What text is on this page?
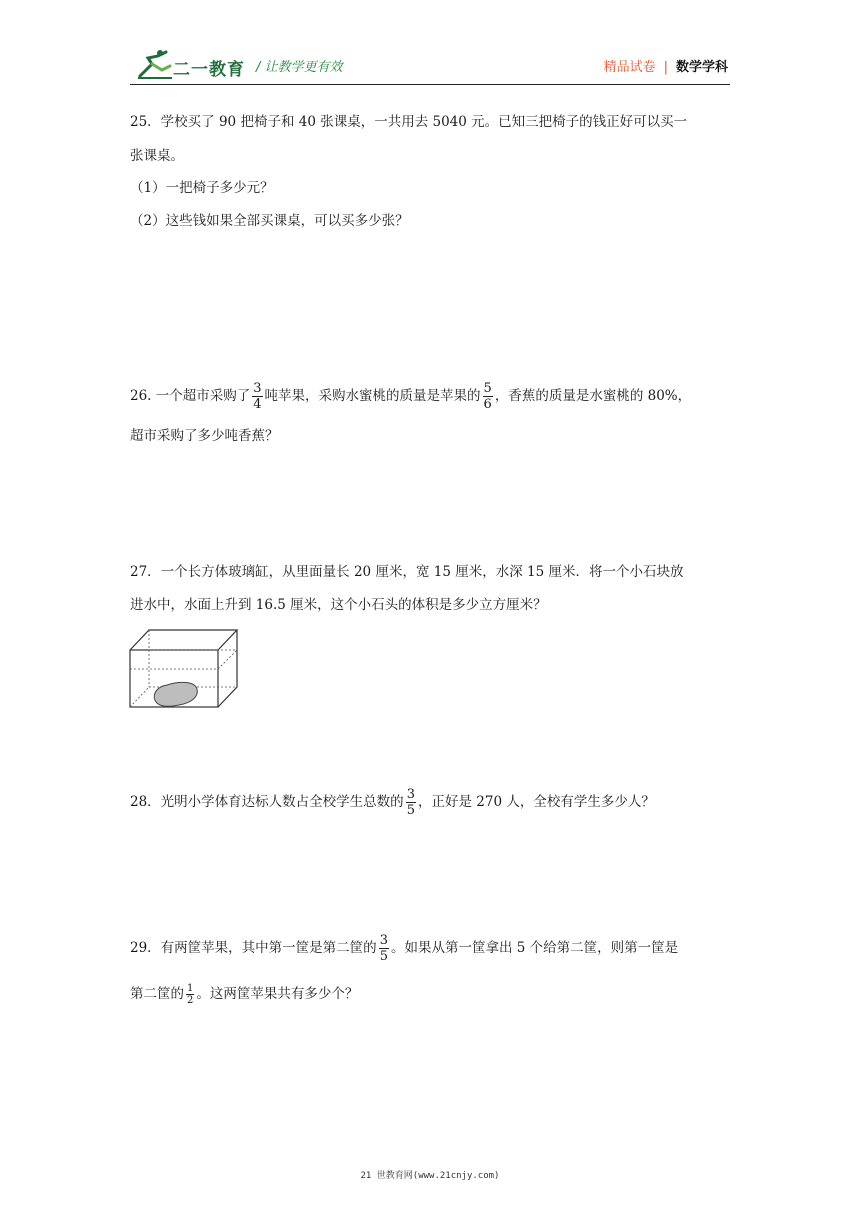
二一教育 / 让教学更有效	精品试卷 | 数学学科
25．学校买了 90 把椅子和 40 张课桌，一共用去 5040 元。已知三把椅子的钱正好可以买一
张课桌。
（1）一把椅子多少元？
（2）这些钱如果全部买课桌，可以买多少张？
26. 一个超市采购了 $\frac{3}{4}$ 吨苹果，采购水蜜桃的质量是苹果的 $\frac{5}{6}$ ，香蕉的质量是水蜜桃的 80%，
超市采购了多少吨香蕉？
27．一个长方体玻璃缸，从里面量长 20 厘米，宽 15 厘米，水深 15 厘米．将一个小石块放
进水中，水面上升到 16.5 厘米，这个小石头的体积是多少立方厘米？
28．光明小学体育达标人数占全校学生总数的 $\frac{3}{5}$ ，正好是 270 人，全校有学生多少人？
29．有两筐苹果，其中第一筐是第二筐的 $\frac{3}{5}$ 。如果从第一筐拿出 5 个给第二筐，则第一筐是
第二筐的 $\frac{1}{2}$ 。这两筐苹果共有多少个？
21 世教育网(www.21cnjy.com)
